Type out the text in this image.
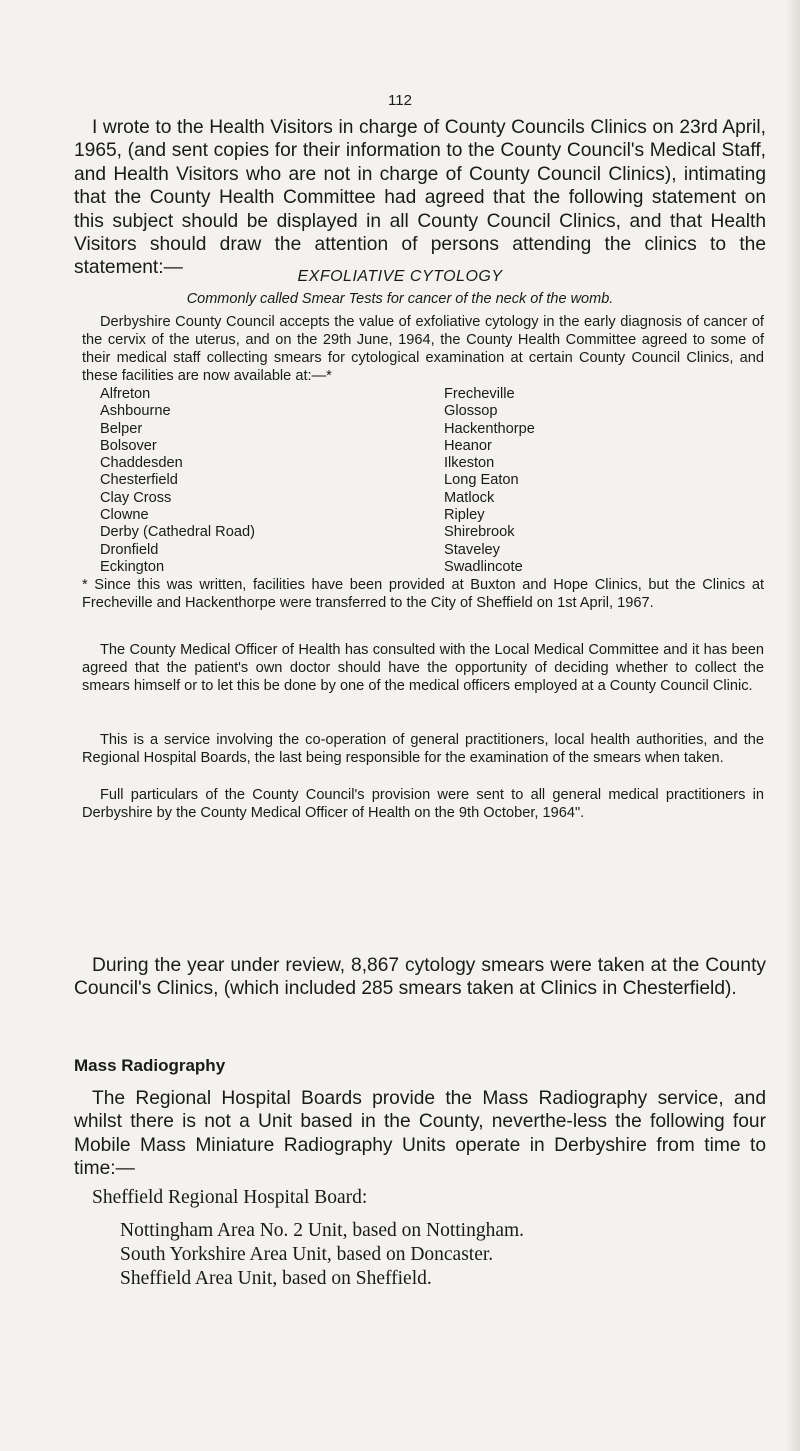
112

I wrote to the Health Visitors in charge of County Councils Clinics on 23rd April, 1965, (and sent copies for their information to the County Council's Medical Staff, and Health Visitors who are not in charge of County Council Clinics), intimating that the County Health Committee had agreed that the following statement on this subject should be displayed in all County Council Clinics, and that Health Visitors should draw the attention of persons attending the clinics to the statement:—	EXFOLIATIVE CYTOLOGY
Commonly called Smear Tests for cancer of the neck of the womb.

Derbyshire County Council accepts the value of exfoliative cytology in the early diagnosis of cancer of the cervix of the uterus, and on the 29th June, 1964, the County Health Committee agreed to some of their medical staff collecting smears for cytological examination at certain County Council Clinics, and these facilities are now available at:—*

Alfreton
Ashbourne
Belper
Bolsover
Chaddesden
Chesterfield
Clay Cross
Clowne
Derby (Cathedral Road)
Dronfield
Eckington
Frecheville
Glossop
Hackenthorpe
Heanor
Ilkeston
Long Eaton
Matlock
Ripley
Shirebrook
Staveley
Swadlincote

* Since this was written, facilities have been provided at Buxton and Hope Clinics, but the Clinics at Frecheville and Hackenthorpe were transferred to the City of Sheffield on 1st April, 1967.

The County Medical Officer of Health has consulted with the Local Medical Committee and it has been agreed that the patient's own doctor should have the opportunity of deciding whether to collect the smears himself or to let this be done by one of the medical officers employed at a County Council Clinic.

This is a service involving the co-operation of general practitioners, local health authorities, and the Regional Hospital Boards, the last being responsible for the examination of the smears when taken.

Full particulars of the County Council's provision were sent to all general medical practitioners in Derbyshire by the County Medical Officer of Health on the 9th October, 1964".

During the year under review, 8,867 cytology smears were taken at the County Council's Clinics, (which included 285 smears taken at Clinics in Chesterfield).

Mass Radiography

The Regional Hospital Boards provide the Mass Radiography service, and whilst there is not a Unit based in the County, neverthe-less the following four Mobile Mass Miniature Radiography Units operate in Derbyshire from time to time:—

Sheffield Regional Hospital Board:
Nottingham Area No. 2 Unit, based on Nottingham.
South Yorkshire Area Unit, based on Doncaster.
Sheffield Area Unit, based on Sheffield.
